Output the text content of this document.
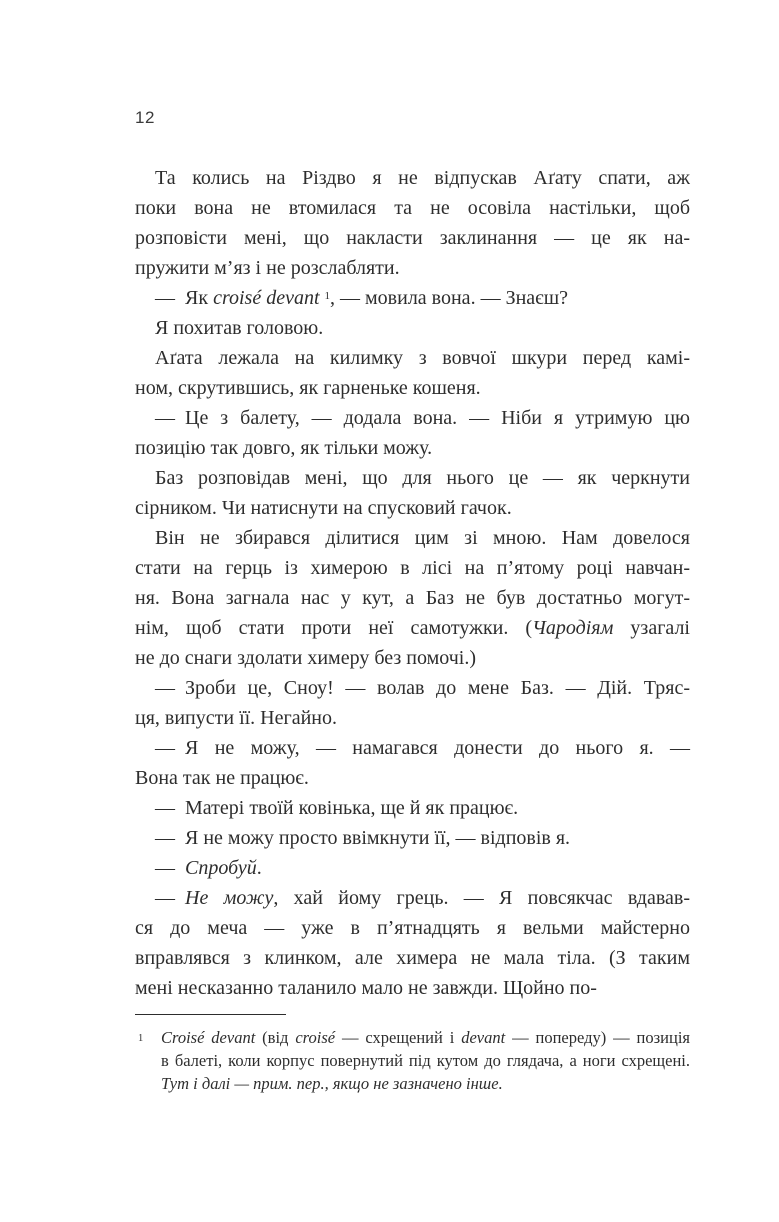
12
Та колись на Різдво я не відпускав Аґату спати, аж
поки вона не втомилася та не осовіла настільки, щоб
розповісти мені, що накласти заклинання — це як на-
пружити м’яз і не розслабляти.
— Як croisé devant $^1$, — мовила вона. — Знаєш?
Я похитав головою.
Аґата лежала на килимку з вовчої шкури перед камі-
ном, скрутившись, як гарненьке кошеня.
— Це з балету, — додала вона. — Ніби я утримую цю
позицію так довго, як тільки можу.
Баз розповідав мені, що для нього це — як черкнути
сірником. Чи натиснути на спусковий гачок.
Він не збирався ділитися цим зі мною. Нам довелося
стати на герць із химерою в лісі на п’ятому році навчан-
ня. Вона загнала нас у кут, а Баз не був достатньо могут-
нім, щоб стати проти неї самотужки. (Чародіям узагалі
не до снаги здолати химеру без помочі.)
— Зроби це, Сноу! — волав до мене Баз. — Дій. Тряс-
ця, випусти її. Негайно.
— Я не можу, — намагався донести до нього я. —
Вона так не працює.
— Матері твоїй ковінька, ще й як працює.
— Я не можу просто ввімкнути її, — відповів я.
— Спробуй.
— Не можу, хай йому грець. — Я повсякчас вдавав-
ся до меча — уже в п’ятнадцять я вельми майстерно
вправлявся з клинком, але химера не мала тіла. (З таким
мені несказанно таланило мало не завжди. Щойно по-
1 Croisé devant (від croisé — схрещений і devant — попереду) — позиція
в балеті, коли корпус повернутий під кутом до глядача, а ноги схрещені.
Тут і далі — прим. пер., якщо не зазначено інше.
